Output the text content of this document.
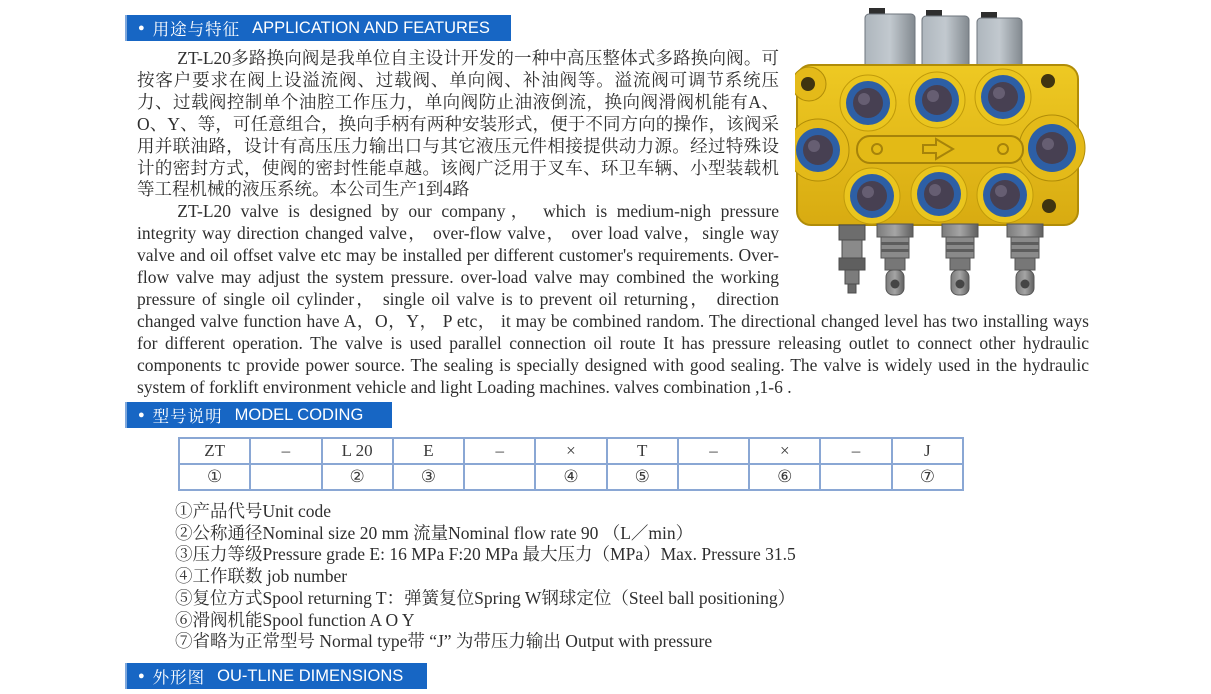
● 用途与特征 APPLICATION AND FEATURES

ZT-L20多路换向阀是我单位自主设计开发的一种中高压整体式多路换向阀。可按客户要求在阀上设溢流阀、过载阀、单向阀、补油阀等。溢流阀可调节系统压力、过载阀控制单个油腔工作压力，单向阀防止油液倒流，换向阀滑阀机能有A、O、Y、等，可任意组合，换向手柄有两种安装形式，便于不同方向的操作，该阀采用并联油路，设计有高压压力输出口与其它液压元件相接提供动力源。经过特殊设计的密封方式，使阀的密封性能卓越。该阀广泛用于叉车、环卫车辆、小型装载机等工程机械的液压系统。本公司生产1到4路

ZT-L20 valve is designed by our company， which is medium-nigh pressure integrity way direction changed valve， over-flow valve， over load valve，single way valve and oil offset valve etc may be installed per different customer's requirements. Over-flow valve may adjust the system pressure. over-load valve may combined the working pressure of single oil cylinder， single oil valve is to prevent oil returning， direction changed valve function have A，O，Y， P etc， it may be combined random. The directional changed level has two installing ways for different operation. The valve is used parallel connection oil route It has pressure releasing outlet to connect other hydraulic components tc provide power source. The sealing is specially designed with good sealing. The valve is widely used in the hydraulic system of forklift environment vehicle and light Loading machines. valves combination ,1-6 .

● 型号说明 MODEL CODING
ZT	–	L 20	E	–	×	T	–	×	–	J
①		②	③		④	⑤		⑥		⑦
①产品代号Unit code
②公称通径Nominal size 20 mm 流量Nominal flow rate 90 （L／min）
③压力等级Pressure grade E: 16 MPa F:20 MPa 最大压力（MPa）Max. Pressure 31.5
④工作联数 job number
⑤复位方式Spool returning T：弹簧复位Spring W钢球定位（Steel ball positioning）
⑥滑阀机能Spool function A O Y
⑦省略为正常型号 Normal type带 “J” 为带压力输出 Output with pressure
● 外形图 OU-TLINE DIMENSIONS
